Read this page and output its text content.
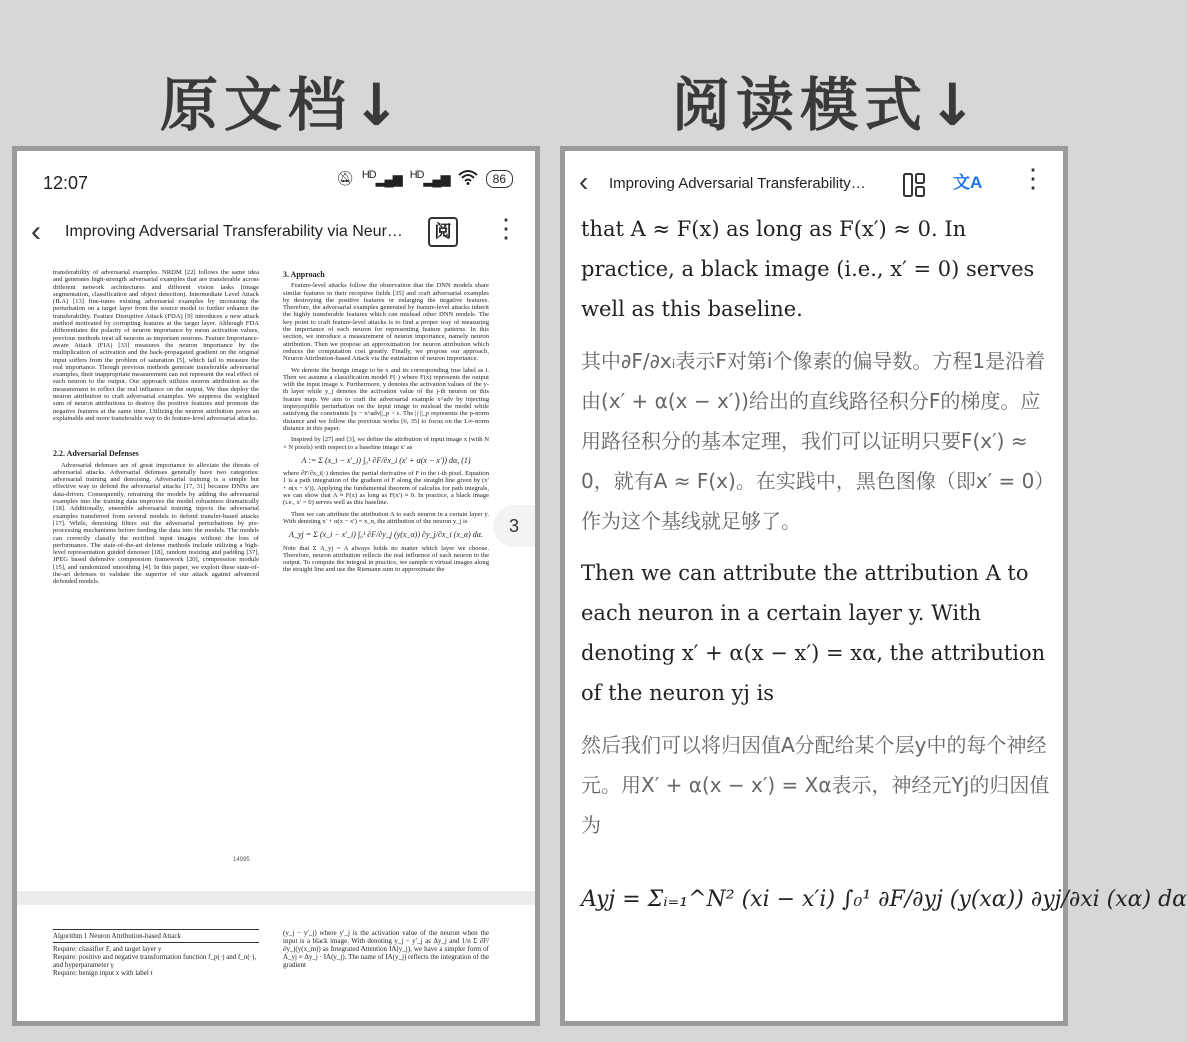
原文档↓	阅读模式↓
12:07	🔕︎ $^{HD}$▂▄▆ $^{HD}$▂▄▆	86
‹ Improving Adversarial Transferability via Neur…	阅 ⋮

transferability of adversarial examples. NRDM [22] follows the same idea and generates high-strength adversarial examples that are transferable across different network architectures and different vision tasks (image segmentation, classification and object detection). Intermediate Level Attack (ILA) [13] fine-tunes existing adversarial examples by increasing the perturbation on a target layer from the source model to further enhance the transferability. Feature Disruptive Attack (FDA) [9] introduces a new attack method motivated by corrupting features at the target layer. Although FDA differentiates the polarity of neuron importance by mean activation values, previous methods treat all neurons as important neurons. Feature Importance-aware Attack (FIA) [33] measures the neuron importance by the multiplication of activation and the back-propagated gradient on the original input suffers from the problem of saturation [5], which fail to measure the real importance. Though previous methods generate transferable adversarial examples, their inappropriate measurement can not represent the real effect of each neuron to the output. Our approach utilizes neuron attribution as the measurement to reflect the real influence on the output. We thus deploy the neuron attribution to craft adversarial examples. We suppress the weighted sum of neuron attributions to destroy the positive features and promote the negative features at the same time. Utilizing the neuron attribution paves an explainable and more transferable way to do feature-level adversarial attacks.

2.2. Adversarial Defenses

Adversarial defenses are of great importance to alleviate the threats of adversarial attacks. Adversarial defenses generally have two categories: adversarial training and denoising. Adversarial training is a simple but effective way to defend the adversarial attacks [17, 31] because DNNs are data-driven. Consequently, retraining the models by adding the adversarial examples into the training data improves the model robustness dramatically [18]. Additionally, ensemble adversarial training injects the adversarial examples transferred from several models to defend transfer-based attacks [17]. While, denoising filters out the adversarial perturbations by pre-processing mechanisms before feeding the data into the models. The models can correctly classify the rectified input images without the loss of performance. The state-of-the-art defense methods include utilizing a high-level representation guided denoiser [18], random resizing and padding [37], JPEG based defensive compression framework [20], compression module [15], and randomized smoothing [4]. In this paper, we exploit these state-of-the-art defenses to validate the superior of our attack against advanced defended models.

3. Approach

Feature-level attacks follow the observation that the DNN models share similar features in their receptive fields [35] and craft adversarial examples by destroying the positive features or enlarging the negative features. Therefore, the adversarial examples generated by feature-level attacks inherit the highly transferable features which can mislead other DNN models. The key point to craft feature-level attacks is to find a proper way of measuring the importance of each neuron for representing feature patterns. In this section, we introduce a measurement of neuron importance, namely neuron attribution. Then we propose an approximation for neuron attribution which reduces the computation cost greatly. Finally, we propose our approach, Neuron Attribution-based Attack via the estimation of neuron importance.

We denote the benign image to be x and its corresponding true label as t. Then we assume a classification model F(·) where F(x) represents the output with the input image x. Furthermore, y denotes the activation values of the y-th layer while y_j denotes the activation value of the j-th neuron on this feature map. We aim to craft the adversarial example x^adv by injecting imperceptible perturbation on the input image to mislead the model while satisfying the constraints ||x − x^adv||_p < ε. The ||·||_p represents the p-norm distance and we follow the previous works [6, 35] to focus on the L∞-norm distance in this paper.

Inspired by [27] and [3], we define the attribution of input image x (with N × N pixels) with respect to a baseline image x′ as

A := Σ (x_i − x′_i) ∫₀¹ ∂F/∂x_i (x′ + α(x − x′)) dα, (1)

where ∂F/∂x_i(·) denotes the partial derivative of F to the i-th pixel. Equation 1 is a path integration of the gradient of F along the straight line given by (x′ + α(x − x′)). Applying the fundamental theorem of calculus for path integrals, we can show that A ≈ F(x) as long as F(x′) ≈ 0. In practice, a black image (i.e., x′ = 0) serves well as this baseline.

Then we can attribute the attribution A to each neuron in a certain layer y. With denoting x′ + α(x − x′) = x_α, the attribution of the neuron y_j is

A_yj = Σ (x_i − x′_i) ∫₀¹ ∂F/∂y_j (y(x_α)) ∂y_j/∂x_i (x_α) dα.

Note that Σ A_yj = A always holds no matter which layer we choose. Therefore, neuron attribution reflects the real influence of each neuron to the output. To compute the integral in practice, we sample n virtual images along the straight line and use the Riemann sum to approximate the

14995
Algorithm 1 Neuron Attribution-based Attack
Require: classifier F, and target layer y
Require: positive and negative transformation function f_p(·) and f_n(·), and hyperparameter γ
Require: benign input x with label t
(y_j − y′_j) where y′_j is the activation value of the neuron when the input is a black image. With denoting y_j − y′_j as Δy_j and 1/n Σ ∂F/∂y_j(y(x_m)) as Integrated Attention IA(y_j), we have a simpler form of A_yj ≈ Δy_j · IA(y_j). The name of IA(y_j) reflects the integration of the gradient
3
‹ Improving Adversarial Transferability…	文A ⋮

that A ≈ F(x) as long as F(x′) ≈ 0. In practice, a black image (i.e., x′ = 0) serves well as this baseline.

其中∂F/∂xᵢ表示F对第i个像素的偏导数。方程1是沿着由(x′ + α(x − x′))给出的直线路径积分F的梯度。应用路径积分的基本定理，我们可以证明只要F(x′) ≈ 0，就有A ≈ F(x)。在实践中，黑色图像（即x′ = 0）作为这个基线就足够了。

Then we can attribute the attribution A to each neuron in a certain layer y. With denoting x′ + α(x − x′) = xα, the attribution of the neuron yj is

然后我们可以将归因值A分配给某个层y中的每个神经元。用X′ + α(x − x′) = Xα表示，神经元Yj的归因值为

Ayj = Σᵢ₌₁^N² (xi − x′i) ∫₀¹ ∂F/∂yj (y(xα)) ∂yj/∂xi (xα) dα
